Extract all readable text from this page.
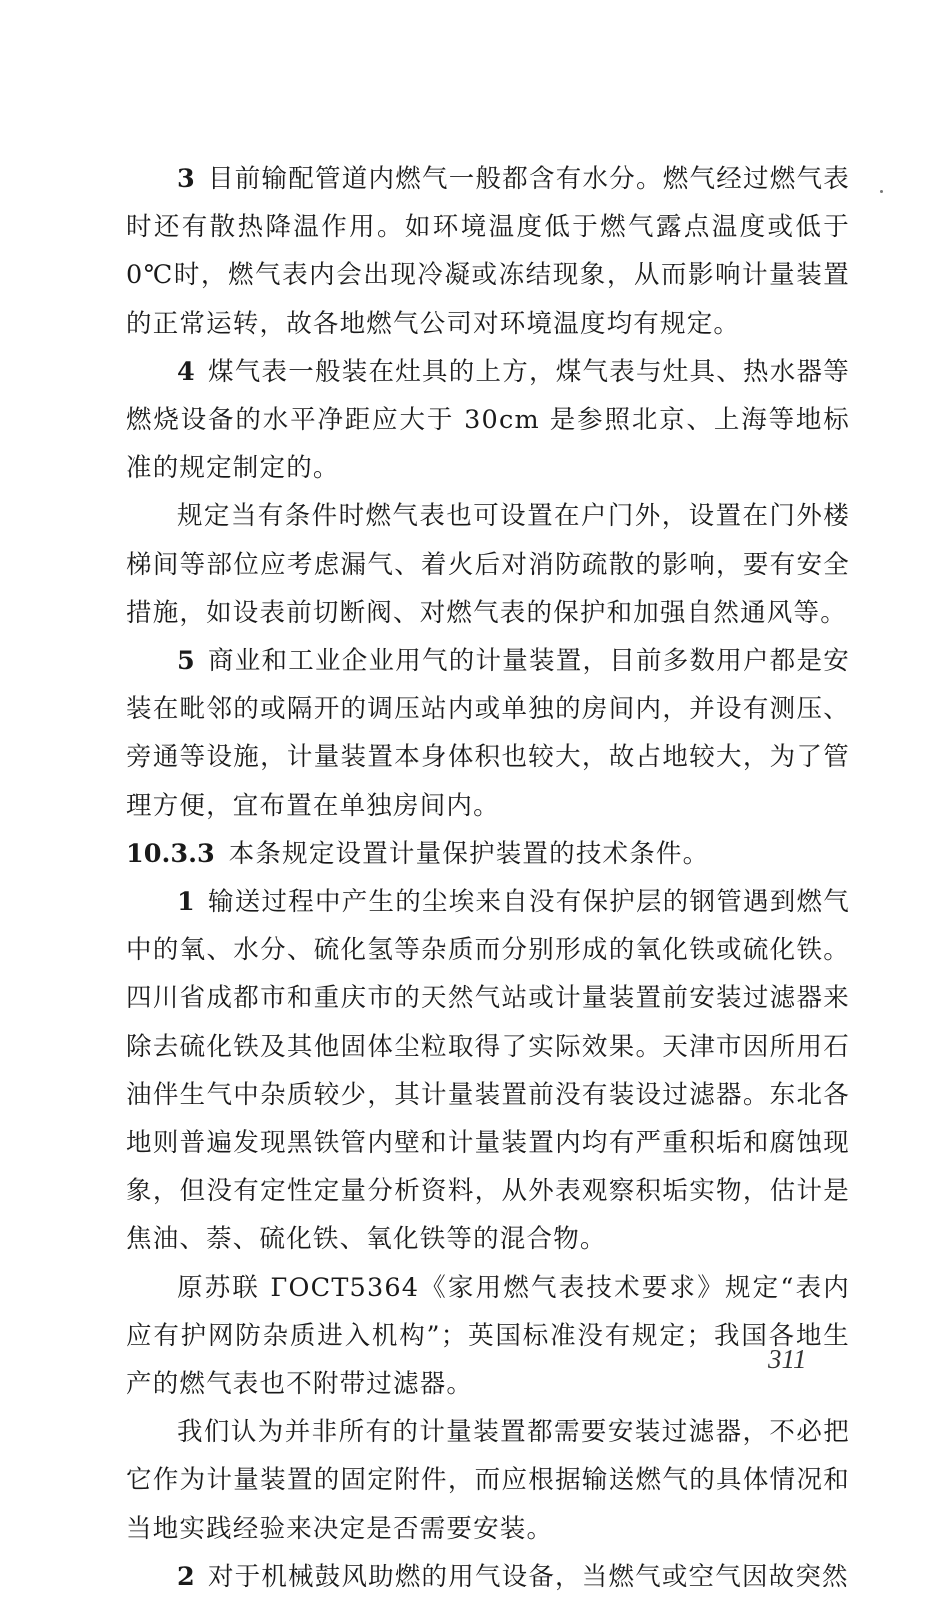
3 目前输配管道内燃气一般都含有水分。燃气经过燃气表时还有散热降温作用。如环境温度低于燃气露点温度或低于 0℃时，燃气表内会出现冷凝或冻结现象，从而影响计量装置的正常运转，故各地燃气公司对环境温度均有规定。

4 煤气表一般装在灶具的上方，煤气表与灶具、热水器等燃烧设备的水平净距应大于 30cm 是参照北京、上海等地标准的规定制定的。

规定当有条件时燃气表也可设置在户门外，设置在门外楼梯间等部位应考虑漏气、着火后对消防疏散的影响，要有安全措施，如设表前切断阀、对燃气表的保护和加强自然通风等。

5 商业和工业企业用气的计量装置，目前多数用户都是安装在毗邻的或隔开的调压站内或单独的房间内，并设有测压、旁通等设施，计量装置本身体积也较大，故占地较大，为了管理方便，宜布置在单独房间内。

10.3.3 本条规定设置计量保护装置的技术条件。

1 输送过程中产生的尘埃来自没有保护层的钢管遇到燃气中的氧、水分、硫化氢等杂质而分别形成的氧化铁或硫化铁。四川省成都市和重庆市的天然气站或计量装置前安装过滤器来除去硫化铁及其他固体尘粒取得了实际效果。天津市因所用石油伴生气中杂质较少，其计量装置前没有装设过滤器。东北各地则普遍发现黑铁管内壁和计量装置内均有严重积垢和腐蚀现象，但没有定性定量分析资料，从外表观察积垢实物，估计是焦油、萘、硫化铁、氧化铁等的混合物。

原苏联 ГОСТ5364《家用燃气表技术要求》规定“表内应有护网防杂质进入机构”；英国标准没有规定；我国各地生产的燃气表也不附带过滤器。

我们认为并非所有的计量装置都需要安装过滤器，不必把它作为计量装置的固定附件，而应根据输送燃气的具体情况和当地实践经验来决定是否需要安装。

2 对于机械鼓风助燃的用气设备，当燃气或空气因故突然

311
